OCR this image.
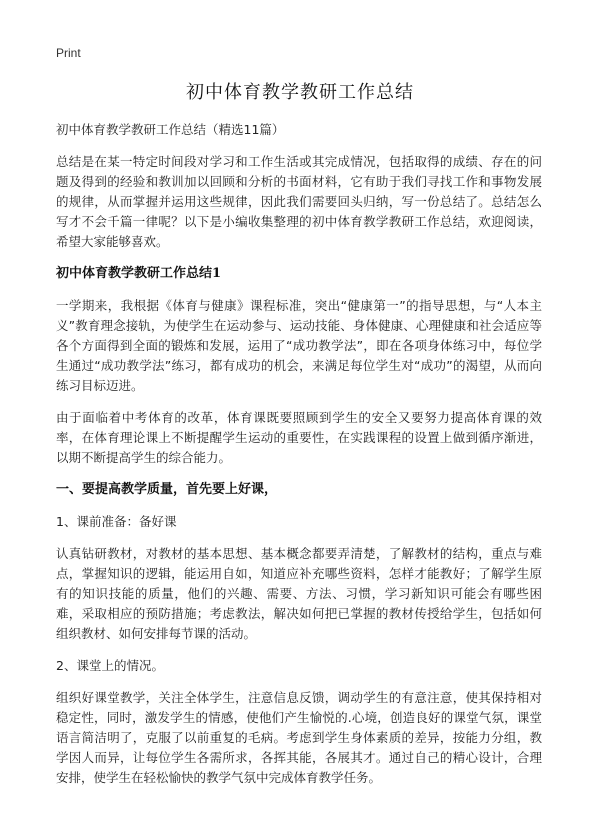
Print
初中体育教学教研工作总结

初中体育教学教研工作总结（精选11篇）

总结是在某一特定时间段对学习和工作生活或其完成情况，包括取得的成绩、存在的问题及得到的经验和教训加以回顾和分析的书面材料，它有助于我们寻找工作和事物发展的规律，从而掌握并运用这些规律，因此我们需要回头归纳，写一份总结了。总结怎么写才不会千篇一律呢？以下是小编收集整理的初中体育教学教研工作总结，欢迎阅读，希望大家能够喜欢。

初中体育教学教研工作总结1

一学期来，我根据《体育与健康》课程标准，突出“健康第一”的指导思想，与“人本主义”教育理念接轨，为使学生在运动参与、运动技能、身体健康、心理健康和社会适应等各个方面得到全面的锻炼和发展，运用了“成功教学法”，即在各项身体练习中，每位学生通过“成功教学法”练习，都有成功的机会，来满足每位学生对“成功”的渴望，从而向练习目标迈进。

由于面临着中考体育的改革，体育课既要照顾到学生的安全又要努力提高体育课的效率，在体育理论课上不断提醒学生运动的重要性，在实践课程的设置上做到循序渐进，以期不断提高学生的综合能力。

一、要提高教学质量，首先要上好课，

1、课前准备：备好课

认真钻研教材，对教材的基本思想、基本概念都要弄清楚，了解教材的结构，重点与难点，掌握知识的逻辑，能运用自如，知道应补充哪些资料，怎样才能教好；了解学生原有的知识技能的质量，他们的兴趣、需要、方法、习惯，学习新知识可能会有哪些困难，采取相应的预防措施；考虑教法，解决如何把已掌握的教材传授给学生，包括如何组织教材、如何安排每节课的活动。

2、课堂上的情况。

组织好课堂教学，关注全体学生，注意信息反馈，调动学生的有意注意，使其保持相对稳定性，同时，激发学生的情感，使他们产生愉悦的.心境，创造良好的课堂气氛，课堂语言简洁明了，克服了以前重复的毛病。考虑到学生身体素质的差异，按能力分组，教学因人而异，让每位学生各需所求，各挥其能，各展其才。通过自己的精心设计，合理安排，使学生在轻松愉快的教学气氛中完成体育教学任务。
